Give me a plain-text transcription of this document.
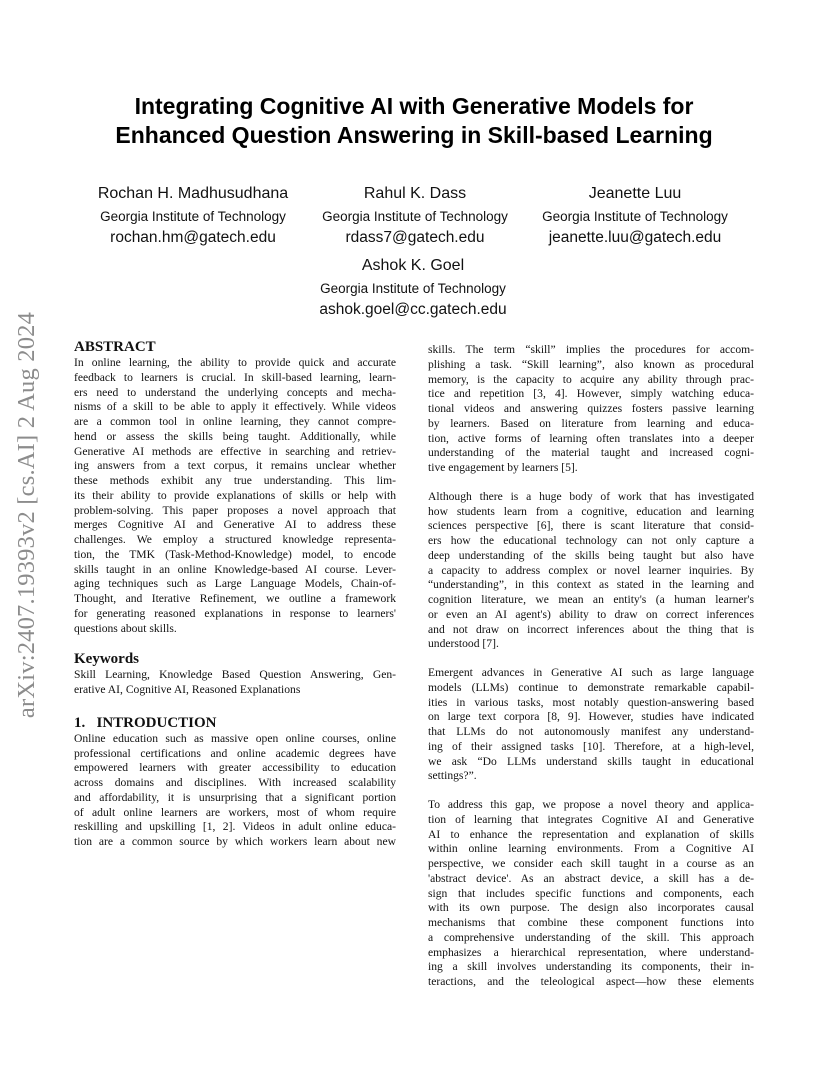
arXiv:2407.19393v2 [cs.AI] 2 Aug 2024
Integrating Cognitive AI with Generative Models for
Enhanced Question Answering in Skill-based Learning
Rochan H. Madhusudhana
Georgia Institute of Technology
rochan.hm@gatech.edu
Rahul K. Dass
Georgia Institute of Technology
rdass7@gatech.edu
Jeanette Luu
Georgia Institute of Technology
jeanette.luu@gatech.edu
Ashok K. Goel
Georgia Institute of Technology
ashok.goel@cc.gatech.edu
ABSTRACT
In online learning, the ability to provide quick and accurate
feedback to learners is crucial. In skill-based learning, learn-
ers need to understand the underlying concepts and mecha-
nisms of a skill to be able to apply it effectively. While videos
are a common tool in online learning, they cannot compre-
hend or assess the skills being taught. Additionally, while
Generative AI methods are effective in searching and retriev-
ing answers from a text corpus, it remains unclear whether
these methods exhibit any true understanding. This lim-
its their ability to provide explanations of skills or help with
problem-solving. This paper proposes a novel approach that
merges Cognitive AI and Generative AI to address these
challenges. We employ a structured knowledge representa-
tion, the TMK (Task-Method-Knowledge) model, to encode
skills taught in an online Knowledge-based AI course. Lever-
aging techniques such as Large Language Models, Chain-of-
Thought, and Iterative Refinement, we outline a framework
for generating reasoned explanations in response to learners'
questions about skills.
Keywords
Skill Learning, Knowledge Based Question Answering, Gen-
erative AI, Cognitive AI, Reasoned Explanations
1.   INTRODUCTION
Online education such as massive open online courses, online
professional certifications and online academic degrees have
empowered learners with greater accessibility to education
across domains and disciplines. With increased scalability
and affordability, it is unsurprising that a significant portion
of adult online learners are workers, most of whom require
reskilling and upskilling [1, 2]. Videos in adult online educa-
tion are a common source by which workers learn about new
skills. The term “skill” implies the procedures for accom-
plishing a task. “Skill learning”, also known as procedural
memory, is the capacity to acquire any ability through prac-
tice and repetition [3, 4]. However, simply watching educa-
tional videos and answering quizzes fosters passive learning
by learners. Based on literature from learning and educa-
tion, active forms of learning often translates into a deeper
understanding of the material taught and increased cogni-
tive engagement by learners [5].
Although there is a huge body of work that has investigated
how students learn from a cognitive, education and learning
sciences perspective [6], there is scant literature that consid-
ers how the educational technology can not only capture a
deep understanding of the skills being taught but also have
a capacity to address complex or novel learner inquiries. By
“understanding”, in this context as stated in the learning and
cognition literature, we mean an entity's (a human learner's
or even an AI agent's) ability to draw on correct inferences
and not draw on incorrect inferences about the thing that is
understood [7].
Emergent advances in Generative AI such as large language
models (LLMs) continue to demonstrate remarkable capabil-
ities in various tasks, most notably question-answering based
on large text corpora [8, 9]. However, studies have indicated
that LLMs do not autonomously manifest any understand-
ing of their assigned tasks [10]. Therefore, at a high-level,
we ask “Do LLMs understand skills taught in educational
settings?”.
To address this gap, we propose a novel theory and applica-
tion of learning that integrates Cognitive AI and Generative
AI to enhance the representation and explanation of skills
within online learning environments. From a Cognitive AI
perspective, we consider each skill taught in a course as an
'abstract device'. As an abstract device, a skill has a de-
sign that includes specific functions and components, each
with its own purpose. The design also incorporates causal
mechanisms that combine these component functions into
a comprehensive understanding of the skill. This approach
emphasizes a hierarchical representation, where understand-
ing a skill involves understanding its components, their in-
teractions, and the teleological aspect—how these elements
